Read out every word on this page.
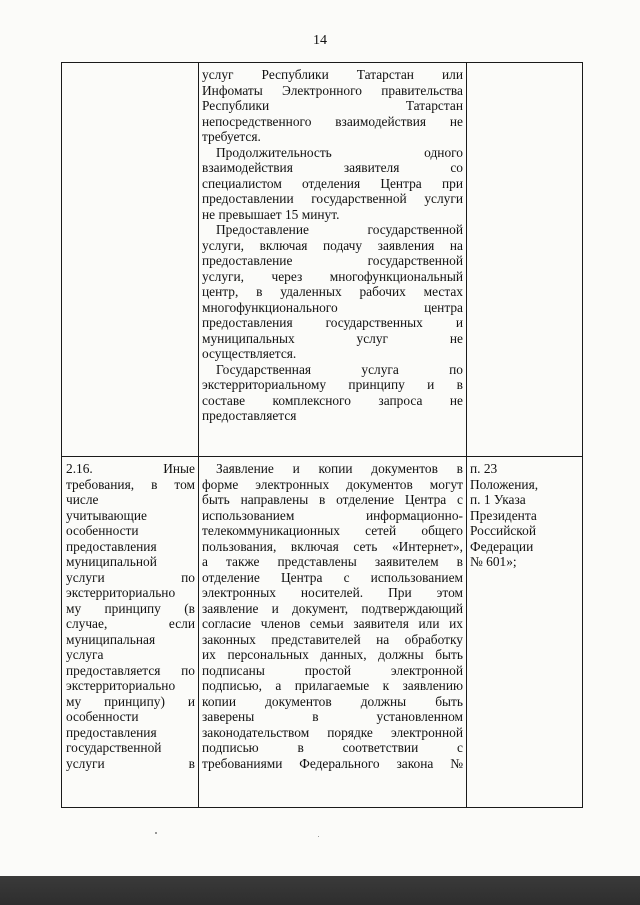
14
услуг Республики Татарстан или
Инфоматы Электронного правительства
Республики Татарстан
непосредственного взаимодействия не
требуется.
Продолжительность одного
взаимодействия заявителя со
специалистом отделения Центра при
предоставлении государственной услуги
не превышает 15 минут.
Предоставление государственной
услуги, включая подачу заявления на
предоставление государственной
услуги, через многофункциональный
центр, в удаленных рабочих местах
многофункционального центра
предоставления государственных и
муниципальных услуг не
осуществляется.
Государственная услуга по
экстерриториальному принципу и в
составе комплексного запроса не
предоставляется
2.16. Иные
требования, в том
числе
учитывающие
особенности
предоставления
муниципальной
услуги по
экстерриториально
му принципу (в
случае, если
муниципальная
услуга
предоставляется по
экстерриториально
му принципу) и
особенности
предоставления
государственной
услуги в
Заявление и копии документов в
форме электронных документов могут
быть направлены в отделение Центра с
использованием информационно-
телекоммуникационных сетей общего
пользования, включая сеть «Интернет»,
а также представлены заявителем в
отделение Центра с использованием
электронных носителей. При этом
заявление и документ, подтверждающий
согласие членов семьи заявителя или их
законных представителей на обработку
их персональных данных, должны быть
подписаны простой электронной
подписью, а прилагаемые к заявлению
копии документов должны быть
заверены в установленном
законодательством порядке электронной
подписью в соответствии с
требованиями Федерального закона №
п. 23
Положения,
п. 1 Указа
Президента
Российской
Федерации
№ 601»;
